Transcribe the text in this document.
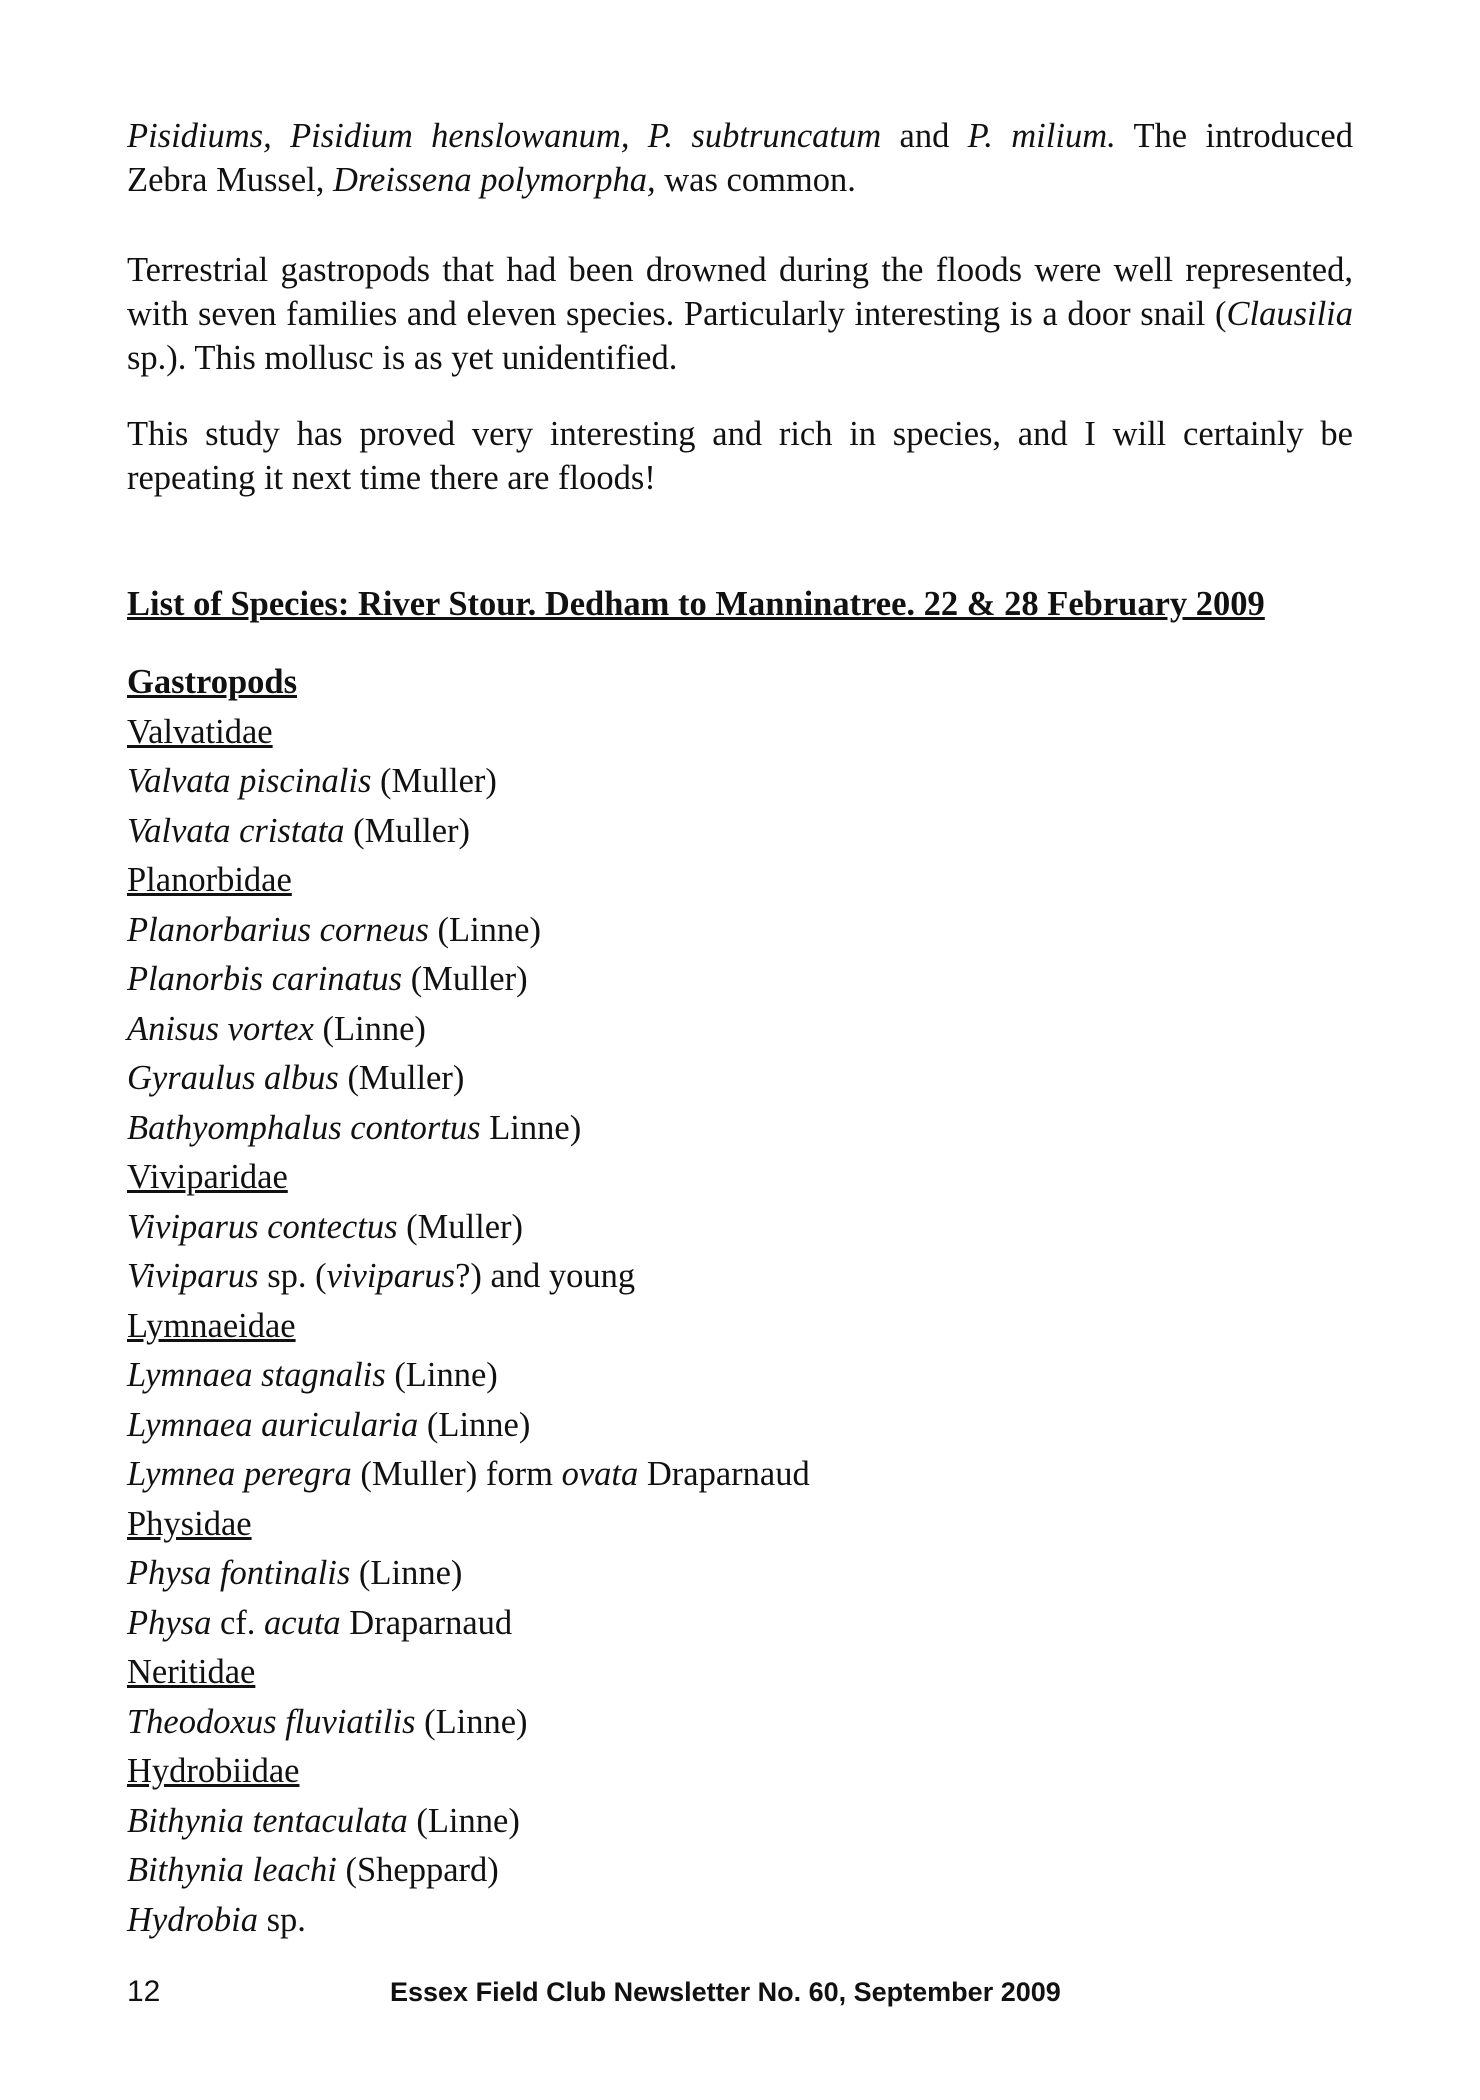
Pisidiums, Pisidium henslowanum, P. subtruncatum and P. milium. The introduced Zebra Mussel, Dreissena polymorpha, was common.

Terrestrial gastropods that had been drowned during the floods were well represented, with seven families and eleven species. Particularly interesting is a door snail (Clausilia sp.). This mollusc is as yet unidentified.

This study has proved very interesting and rich in species, and I will certainly be repeating it next time there are floods!

List of Species: River Stour. Dedham to Manninatree. 22 & 28 February 2009
Gastropods
Valvatidae
Valvata piscinalis (Muller)
Valvata cristata (Muller)
Planorbidae
Planorbarius corneus (Linne)
Planorbis carinatus (Muller)
Anisus vortex (Linne)
Gyraulus albus (Muller)
Bathyomphalus contortus Linne)
Viviparidae
Viviparus contectus (Muller)
Viviparus sp. (viviparus?) and young
Lymnaeidae
Lymnaea stagnalis (Linne)
Lymnaea auricularia (Linne)
Lymnea peregra (Muller) form ovata Draparnaud
Physidae
Physa fontinalis (Linne)
Physa cf. acuta Draparnaud
Neritidae
Theodoxus fluviatilis (Linne)
Hydrobiidae
Bithynia tentaculata (Linne)
Bithynia leachi (Sheppard)
Hydrobia sp.
12	Essex Field Club Newsletter No. 60, September 2009
